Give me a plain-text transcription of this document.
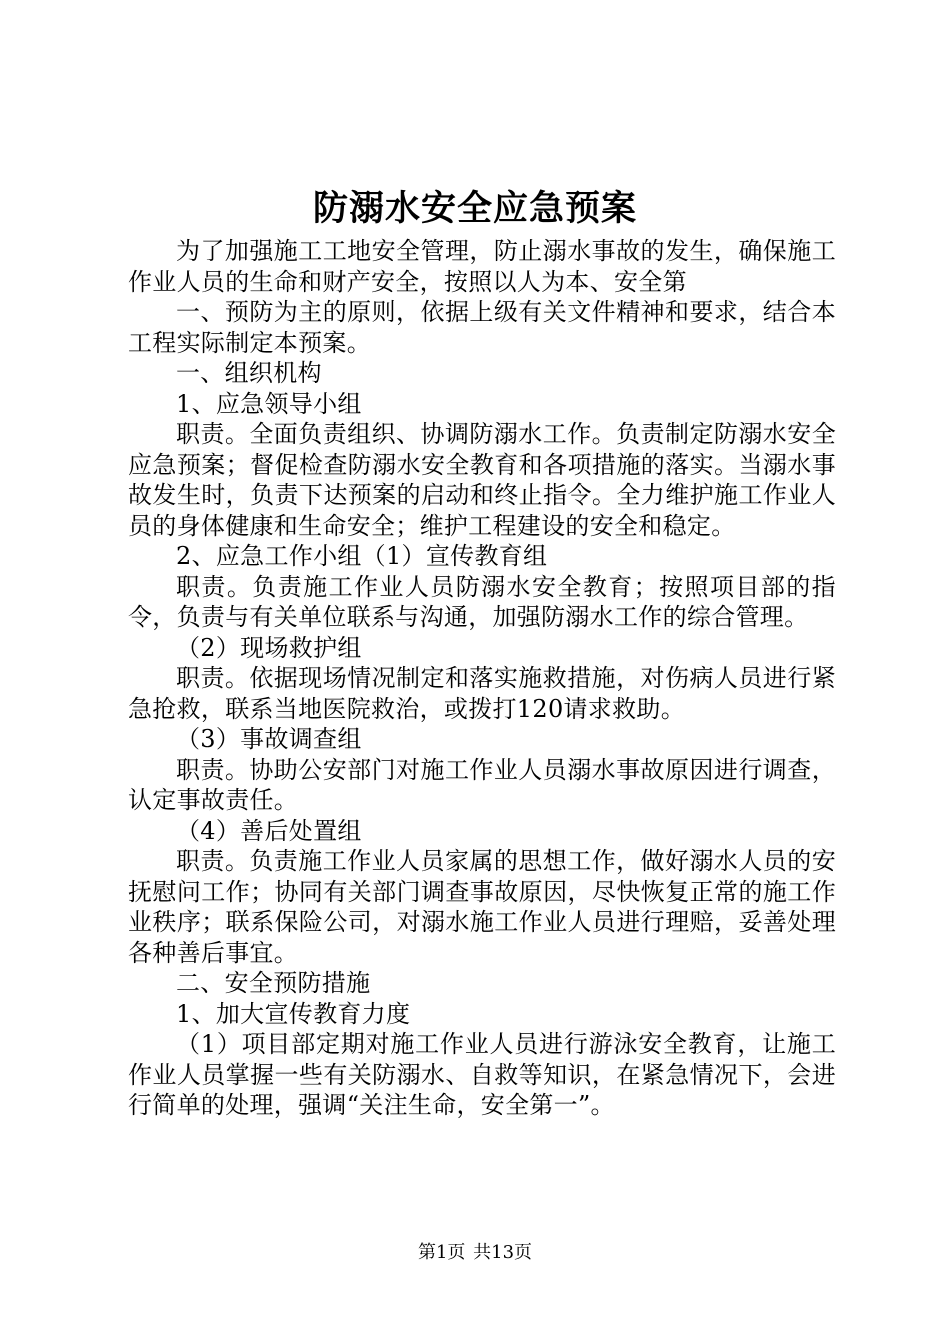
防溺水安全应急预案

为了加强施工工地安全管理，防止溺水事故的发生，确保施工作业人员的生命和财产安全，按照以人为本、安全第

一、预防为主的原则，依据上级有关文件精神和要求，结合本工程实际制定本预案。

一、组织机构

1、应急领导小组

职责。全面负责组织、协调防溺水工作。负责制定防溺水安全应急预案；督促检查防溺水安全教育和各项措施的落实。当溺水事故发生时，负责下达预案的启动和终止指令。全力维护施工作业人员的身体健康和生命安全；维护工程建设的安全和稳定。

2、应急工作小组（1）宣传教育组

职责。负责施工作业人员防溺水安全教育；按照项目部的指令，负责与有关单位联系与沟通，加强防溺水工作的综合管理。

（2）现场救护组

职责。依据现场情况制定和落实施救措施，对伤病人员进行紧急抢救，联系当地医院救治，或拨打120请求救助。

（3）事故调查组

职责。协助公安部门对施工作业人员溺水事故原因进行调查，认定事故责任。

（4）善后处置组

职责。负责施工作业人员家属的思想工作，做好溺水人员的安抚慰问工作；协同有关部门调查事故原因，尽快恢复正常的施工作业秩序；联系保险公司，对溺水施工作业人员进行理赔，妥善处理各种善后事宜。

二、安全预防措施

1、加大宣传教育力度

（1）项目部定期对施工作业人员进行游泳安全教育，让施工作业人员掌握一些有关防溺水、自救等知识，在紧急情况下，会进行简单的处理，强调“关注生命，安全第一”。

第1页 共13页
